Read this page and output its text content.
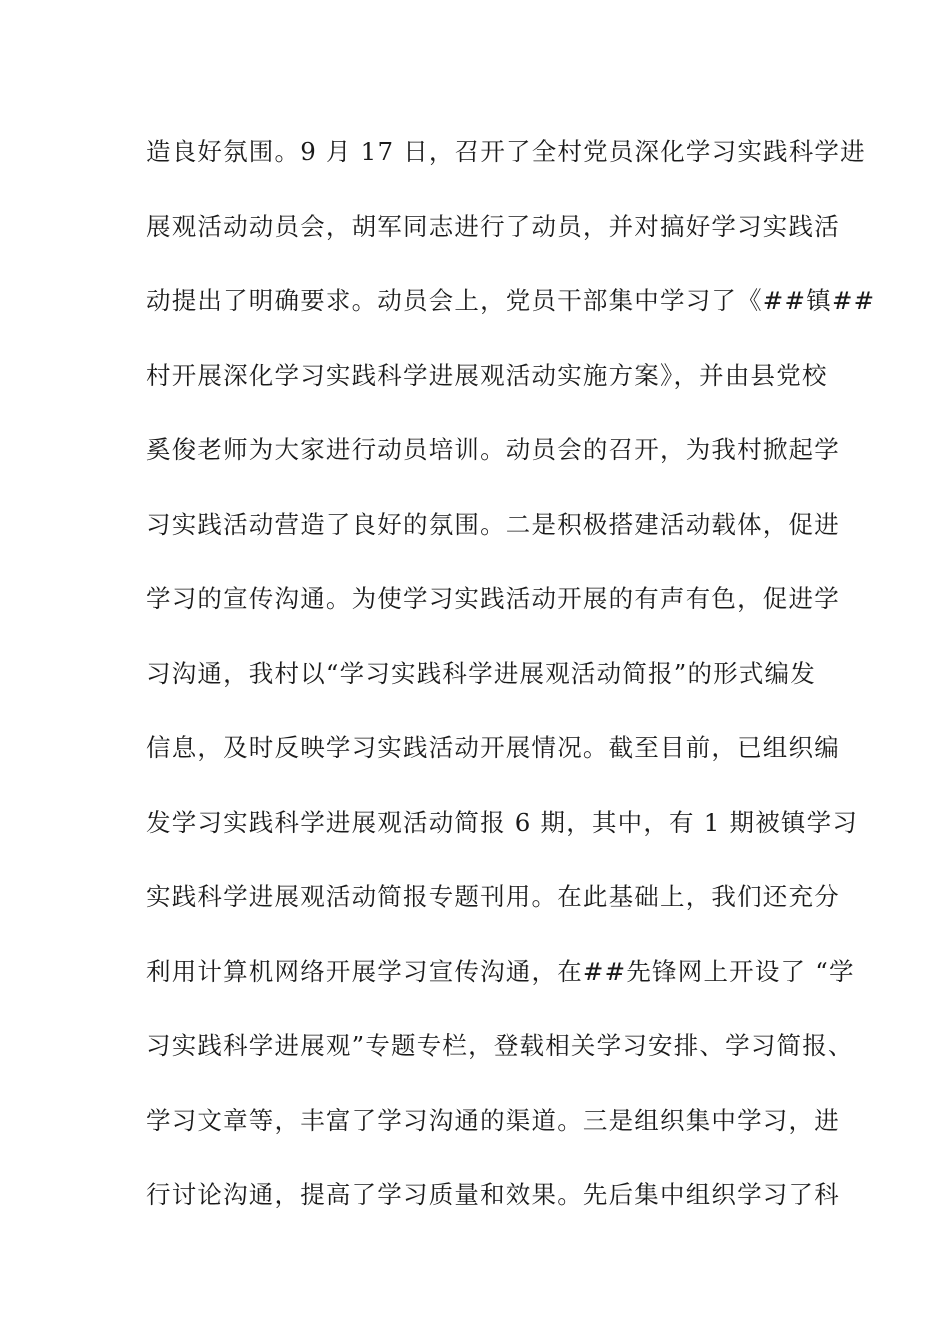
造良好氛围。9 月 17 日，召开了全村党员深化学习实践科学进
展观活动动员会，胡军同志进行了动员，并对搞好学习实践活
动提出了明确要求。动员会上，党员干部集中学习了《##镇##
村开展深化学习实践科学进展观活动实施方案》，并由县党校
奚俊老师为大家进行动员培训。动员会的召开，为我村掀起学
习实践活动营造了良好的氛围。二是积极搭建活动载体，促进
学习的宣传沟通。为使学习实践活动开展的有声有色，促进学
习沟通，我村以“学习实践科学进展观活动简报”的形式编发
信息，及时反映学习实践活动开展情况。截至目前，已组织编
发学习实践科学进展观活动简报 6 期，其中，有 1 期被镇学习
实践科学进展观活动简报专题刊用。在此基础上，我们还充分
利用计算机网络开展学习宣传沟通，在##先锋网上开设了 “学
习实践科学进展观”专题专栏，登载相关学习安排、学习简报、
学习文章等，丰富了学习沟通的渠道。三是组织集中学习，进
行讨论沟通，提高了学习质量和效果。先后集中组织学习了科
